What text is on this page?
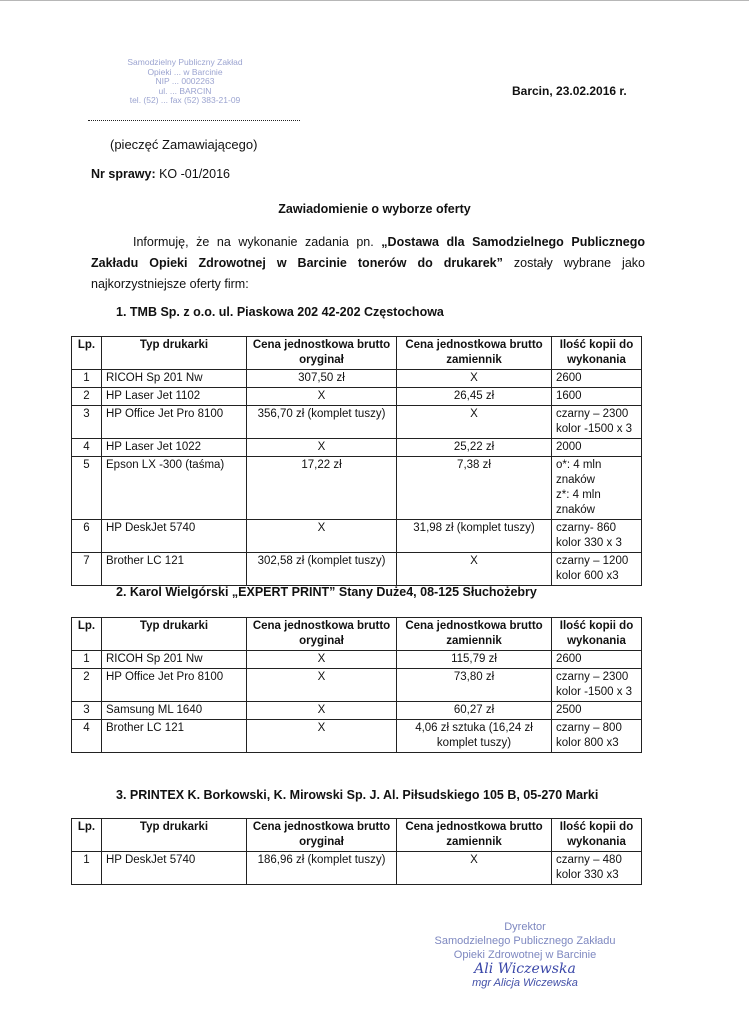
Samodzielny Publiczny Zakład
Opieki ... w Barcinie
NIP ... 0002263
ul. ... BARCIN
tel. (52) ... fax (52) 383-21-09
(pieczęć Zamawiającego)
Barcin, 23.02.2016 r.
Nr sprawy: KO -01/2016
Zawiadomienie o wyborze oferty
Informuję, że na wykonanie zadania pn. „Dostawa dla Samodzielnego Publicznego Zakładu Opieki Zdrowotnej w Barcinie tonerów do drukarek” zostały wybrane jako najkorzystniejsze oferty firm:
1. TMB Sp. z o.o. ul. Piaskowa 202 42-202 Częstochowa
Lp.	Typ drukarki	Cena jednostkowa brutto oryginał	Cena jednostkowa brutto zamiennik	Ilość kopii do wykonania
1	RICOH Sp 201 Nw	307,50 zł	X	2600
2	HP Laser Jet 1102	X	26,45 zł	1600
3	HP Office Jet Pro 8100	356,70 zł (komplet tuszy)	X	czarny – 2300
kolor -1500 x 3
4	HP Laser Jet 1022	X	25,22 zł	2000
5	Epson LX -300 (taśma)	17,22 zł	7,38 zł	o*: 4 mln znaków
z*: 4 mln znaków
6	HP DeskJet 5740	X	31,98 zł (komplet tuszy)	czarny- 860
kolor 330 x 3
7	Brother LC 121	302,58 zł (komplet tuszy)	X	czarny – 1200
kolor 600 x3
2. Karol Wielgórski „EXPERT PRINT” Stany Duże4, 08-125 Słuchożebry
Lp.	Typ drukarki	Cena jednostkowa brutto oryginał	Cena jednostkowa brutto zamiennik	Ilość kopii do wykonania
1	RICOH Sp 201 Nw	X	115,79 zł	2600
2	HP Office Jet Pro 8100	X	73,80 zł	czarny – 2300
kolor -1500 x 3
3	Samsung ML 1640	X	60,27 zł	2500
4	Brother LC 121	X	4,06 zł sztuka (16,24 zł komplet tuszy)	czarny – 800
kolor 800 x3
3. PRINTEX K. Borkowski, K. Mirowski Sp. J. Al. Piłsudskiego 105 B, 05-270 Marki
Lp.	Typ drukarki	Cena jednostkowa brutto oryginał	Cena jednostkowa brutto zamiennik	Ilość kopii do wykonania
1	HP DeskJet 5740	186,96 zł (komplet tuszy)	X	czarny – 480
kolor 330 x3
Dyrektor
Samodzielnego Publicznego Zakładu
Opieki Zdrowotnej w Barcinie
Ali Wiczewska
mgr Alicja Wiczewska
